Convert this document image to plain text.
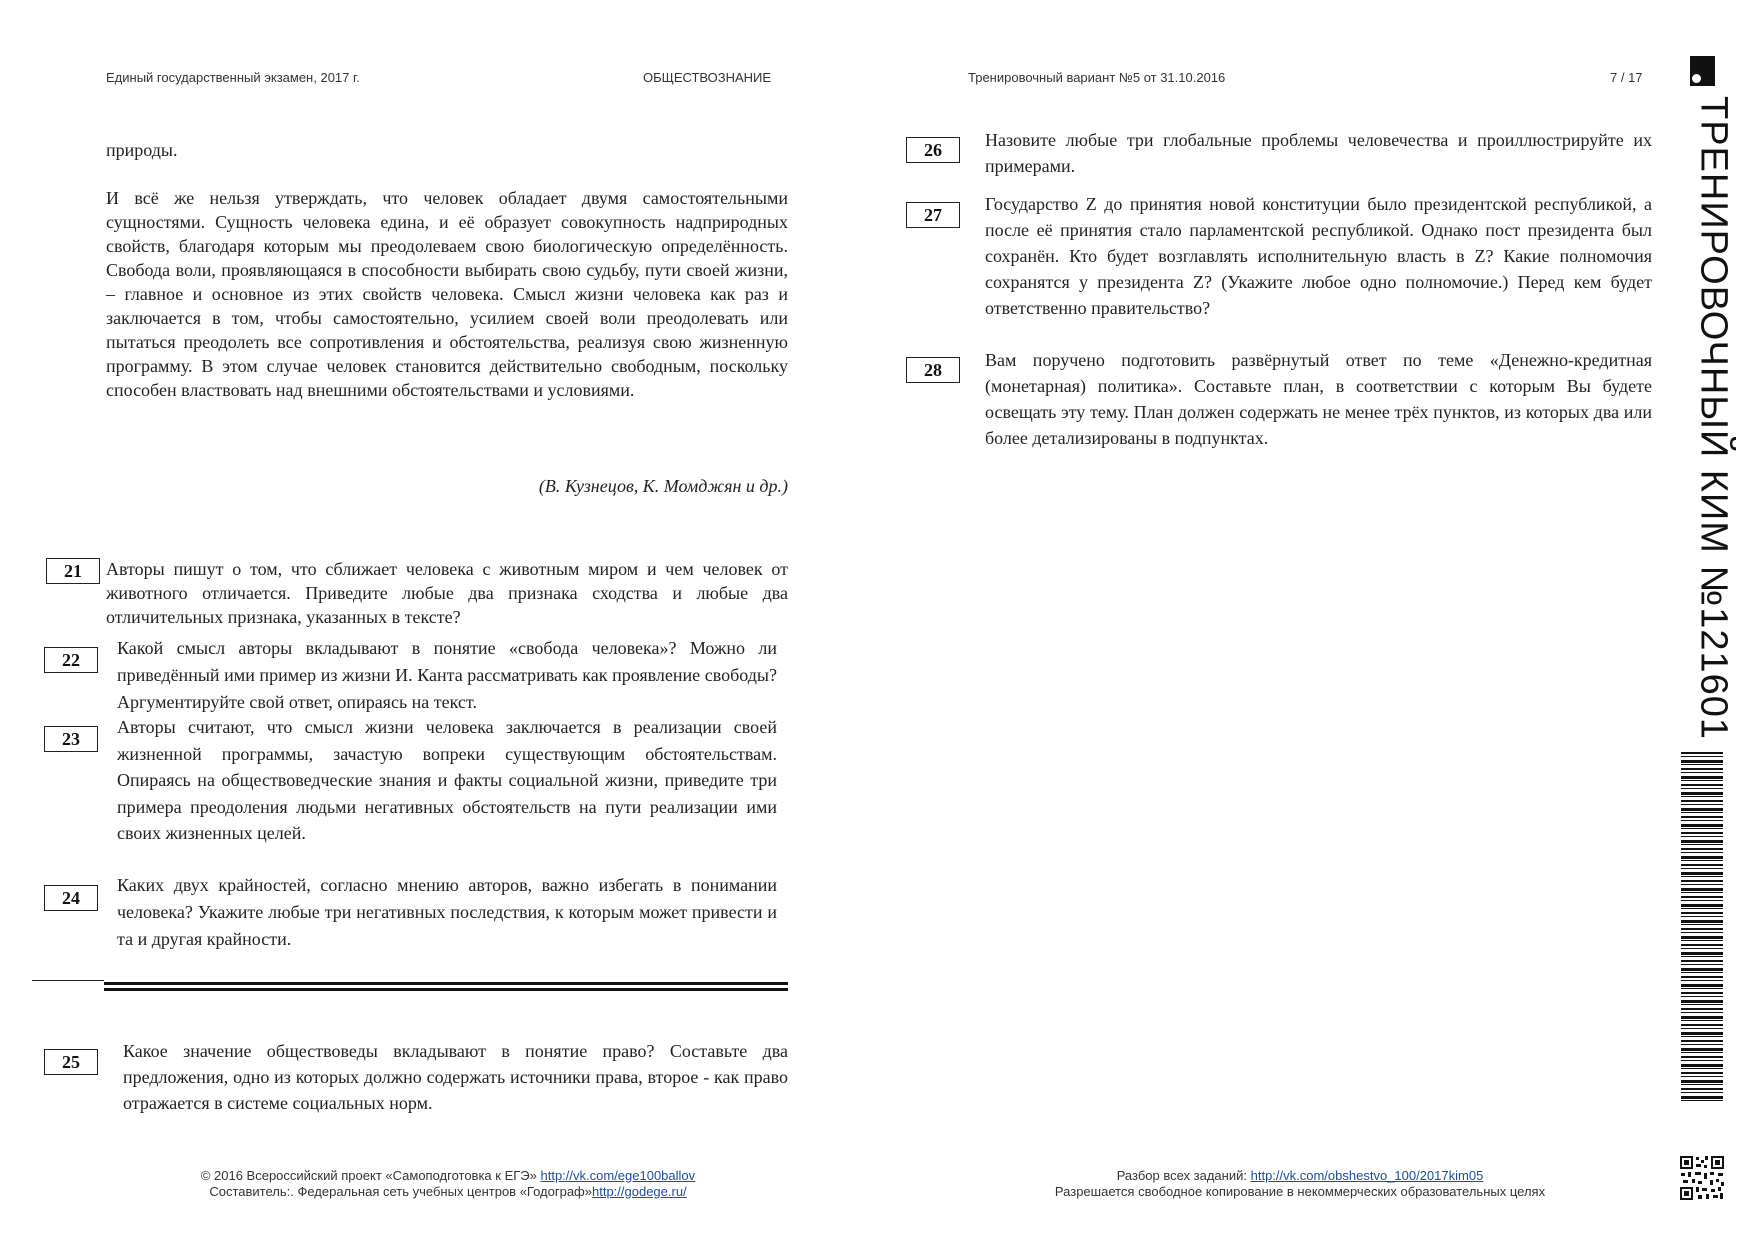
Единый государственный экзамен, 2017 г.	ОБЩЕСТВОЗНАНИЕ	Тренировочный вариант №5 от 31.10.2016	7 / 17
природы.
И всё же нельзя утверждать, что человек обладает двумя самостоятельными сущностями. Сущность человека едина, и её образует совокупность надприродных свойств, благодаря которым мы преодолеваем свою биологическую определённость. Свобода воли, проявляющаяся в способности выбирать свою судьбу, пути своей жизни, – главное и основное из этих свойств человека. Смысл жизни человека как раз и заключается в том, чтобы самостоятельно, усилием своей воли преодолевать или пытаться преодолеть все сопротивления и обстоятельства, реализуя свою жизненную программу. В этом случае человек становится действительно свободным, поскольку способен властвовать над внешними обстоятельствами и условиями.
(В. Кузнецов, К. Момджян и др.)
21	Авторы пишут о том, что сближает человека с животным миром и чем человек от животного отличается. Приведите любые два признака сходства и любые два отличительных признака, указанных в тексте?
22
Какой смысл авторы вкладывают в понятие «свобода человека»? Можно ли приведённый ими пример из жизни И. Канта рассматривать как проявление свободы? Аргументируйте свой ответ, опираясь на текст.
23
Авторы считают, что смысл жизни человека заключается в реализации своей жизненной программы, зачастую вопреки существующим обстоятельствам. Опираясь на обществоведческие знания и факты социальной жизни, приведите три примера преодоления людьми негативных обстоятельств на пути реализации ими своих жизненных целей.
24
Каких двух крайностей, согласно мнению авторов, важно избегать в понимании человека? Укажите любые три негативных последствия, к которым может привести и та и другая крайности.
25
Какое значение обществоведы вкладывают в понятие право? Составьте два предложения, одно из которых должно содержать источники права, второе - как право отражается в системе социальных норм.
26	Назовите любые три глобальные проблемы человечества и проиллюстрируйте их примерами.
27
Государство Z до принятия новой конституции было президентской республикой, а после её принятия стало парламентской республикой. Однако пост президента был сохранён. Кто будет возглавлять исполнительную власть в Z? Какие полномочия сохранятся у президента Z? (Укажите любое одно полномочие.) Перед кем будет ответственно правительство?
28	Вам поручено подготовить развёрнутый ответ по теме «Денежно-кредитная (монетарная) политика». Составьте план, в соответствии с которым Вы будете освещать эту тему. План должен содержать не менее трёх пунктов, из которых два или более детализированы в подпунктах.	ТРЕНИРОВОЧНЫЙ КИМ №121601
© 2016 Всероссийский проект «Самоподготовка к ЕГЭ» http://vk.com/ege100ballov
Составитель:. Федеральная сеть учебных центров «Годограф»http://godege.ru/
Разбор всех заданий: http://vk.com/obshestvo_100/2017kim05
Разрешается свободное копирование в некоммерческих образовательных целях
